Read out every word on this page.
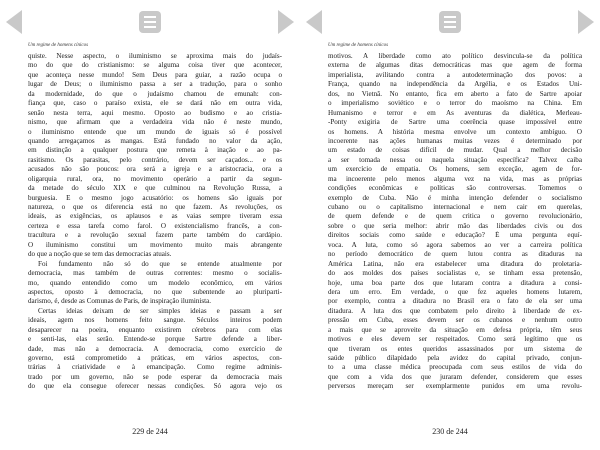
Um regime de homens cínicos
quiste. Nesse aspecto, o iluminismo se aproxima mais do judaís-
mo do que do cristianismo: se alguma coisa tiver que acontecer,
que aconteça nesse mundo! Sem Deus para guiar, a razão ocupa o
lugar de Deus; o iluminismo passa a ser a tradução, para o sonho
da modernidade, do que o judaísmo chamou de emunah: con-
fiança que, caso o paraíso exista, ele se dará não em outra vida,
senão nesta terra, aqui mesmo. Oposto ao budismo e ao cristia-
nismo, que afirmam que a verdadeira vida não é neste mundo,
o iluminismo entende que um mundo de iguais só é possível
quando arregaçamos as mangas. Está fundado no valor da ação,
em distinção a qualquer postura que remeta à inação e ao pa-
rasitismo. Os parasitas, pelo contrário, devem ser caçados... e os
acusados não são poucos: ora será a igreja e a aristocracia, ora a
oligarquia rural, ora, no movimento operário a partir da segun-
da metade do século XIX e que culminou na Revolução Russa, a
burguesia. E o mesmo jogo acusatório: os homens são iguais por
natureza, o que os diferencia está no que fazem. As revoluções, os
ideais, as exigências, os aplausos e as vaias sempre tiveram essa
certeza e essa tarefa como farol. O existencialismo francês, a con-
tracultura e a revolução sexual fazem parte também do cardápio.
O iluminismo constitui um movimento muito mais abrangente
do que a noção que se tem das democracias atuais.
Foi fundamento não só do que se entende atualmente por
democracia, mas também de outras correntes: mesmo o socialis-
mo, quando entendido como um modelo econômico, em vários
aspectos, oposto à democracia, no que subentende ao pluriparti-
darismo, é, desde as Comunas de Paris, de inspiração iluminista.
Certas ideias deixam de ser simples ideias e passam a ser
ideais, agem nos homens feito sangue. Séculos inteiros podem
desaparecer na poeira, enquanto existirem cérebros para com elas
e senti-las, elas serão. Entende-se porque Sartre defende a liber-
dade, mas não a democracia. A democracia, como exercício de
governo, está comprometido a práticas, em vários aspectos, con-
trárias à criatividade e à emancipação. Como regime adminis-
trado por um governo, não se pode esperar da democracia mais
do que ela consegue oferecer nessas condições. Só agora vejo os
229 de 244
Um regime de homens cínicos
motivos. A liberdade como ato político desvincula-se da política
externa de algumas ditas democráticas mas que agem de forma
imperialista, avilitando contra a autodeterminação dos povos: a
França, quando na independência da Argélia, e os Estados Uni-
dos, no Vietnã. No entanto, fica em aberto a fato de Sartre apoiar
o imperialismo soviético e o terror do maoísmo na China. Em
Humanismo e terror e em As aventuras da dialética, Merleau-
-Ponty exigiria de Sartre uma coerência quase impossível entre
os homens. A história mesma envolve um contexto ambíguo. O
incoerente nas ações humanas muitas vezes é determinado por
um estado de coisas difícil de mudar. Qual a melhor decisão
a ser tomada nessa ou naquela situação específica? Talvez caiba
um exercício de empatia. Os homens, sem exceção, agem de for-
ma incoerente pelo menos alguma vez na vida, mas as próprias
condições econômicas e políticas são controversas. Tomemos o
exemplo de Cuba. Não é minha intenção defender o socialismo
cubano ou o capitalismo internacional e nem cair em querelas,
de quem defende e de quem critica o governo revolucionário,
sobre o que seria melhor: abrir mão das liberdades civis ou dos
direitos sociais como saúde e educação? É uma pergunta equí-
voca. A luta, como só agora sabemos ao ver a carreira política
no período democrático de quem lutou contra as ditaduras na
América Latina, não era estabelecer uma ditadura do proletaria-
do aos moldes dos países socialistas e, se tinham essa pretensão,
hoje, uma boa parte dos que lutaram contra a ditadura a consi-
dera um erro. Em verdade, o que fez aqueles homens lutarem,
por exemplo, contra a ditadura no Brasil era o fato de ela ser uma
ditadura. A luta dos que combatem pelo direito à liberdade de ex-
pressão em Cuba, esses devem ser os cubanos e nenhum outro
a mais que se aproveite da situação em defesa própria, têm seus
motivos e eles devem ser respeitados. Como será legítimo que os
que tiveram os entes queridos assassinados por um sistema de
saúde público dilapidado pela avidez do capital privado, conjun-
to a uma classe médica preocupada com seus estilos de vida do
que com a vida dos que juraram defender, considerem que esses
perversos mereçam ser exemplarmente punidos em uma revolu-
230 de 244
